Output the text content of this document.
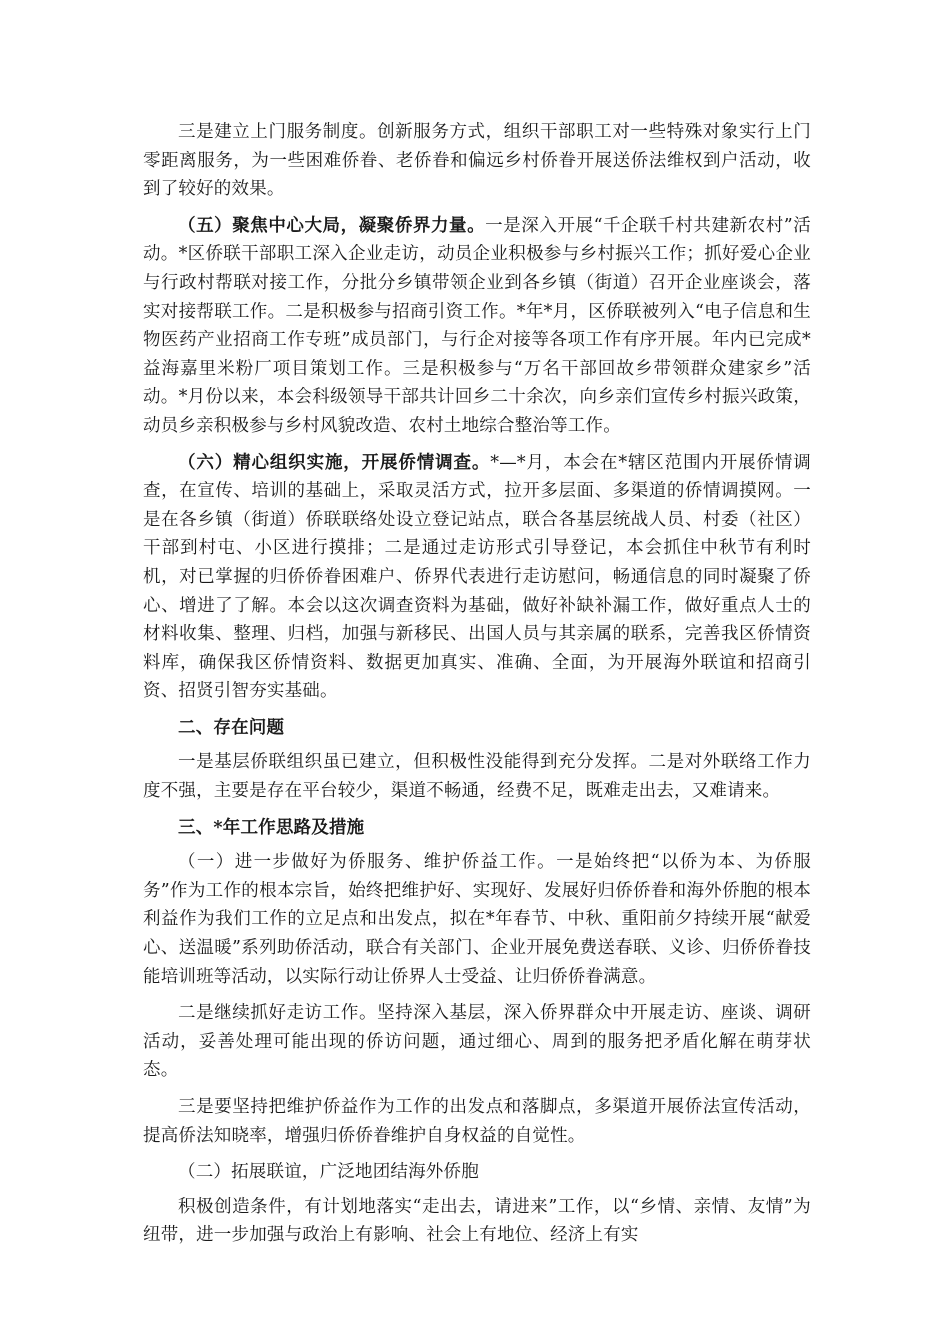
三是建立上门服务制度。创新服务方式，组织干部职工对一些特殊对象实行上门零距离服务，为一些困难侨眷、老侨眷和偏远乡村侨眷开展送侨法维权到户活动，收到了较好的效果。

（五）聚焦中心大局，凝聚侨界力量。一是深入开展“千企联千村共建新农村”活动。*区侨联干部职工深入企业走访，动员企业积极参与乡村振兴工作；抓好爱心企业与行政村帮联对接工作，分批分乡镇带领企业到各乡镇（街道）召开企业座谈会，落实对接帮联工作。二是积极参与招商引资工作。*年*月，区侨联被列入“电子信息和生物医药产业招商工作专班”成员部门，与行企对接等各项工作有序开展。年内已完成*益海嘉里米粉厂项目策划工作。三是积极参与“万名干部回故乡带领群众建家乡”活动。*月份以来，本会科级领导干部共计回乡二十余次，向乡亲们宣传乡村振兴政策，动员乡亲积极参与乡村风貌改造、农村土地综合整治等工作。

（六）精心组织实施，开展侨情调查。*—*月，本会在*辖区范围内开展侨情调查，在宣传、培训的基础上，采取灵活方式，拉开多层面、多渠道的侨情调摸网。一是在各乡镇（街道）侨联联络处设立登记站点，联合各基层统战人员、村委（社区）干部到村屯、小区进行摸排；二是通过走访形式引导登记，本会抓住中秋节有利时机，对已掌握的归侨侨眷困难户、侨界代表进行走访慰问，畅通信息的同时凝聚了侨心、增进了了解。本会以这次调查资料为基础，做好补缺补漏工作，做好重点人士的材料收集、整理、归档，加强与新移民、出国人员与其亲属的联系，完善我区侨情资料库，确保我区侨情资料、数据更加真实、准确、全面，为开展海外联谊和招商引资、招贤引智夯实基础。

二、存在问题

一是基层侨联组织虽已建立，但积极性没能得到充分发挥。二是对外联络工作力度不强，主要是存在平台较少，渠道不畅通，经费不足，既难走出去，又难请来。

三、*年工作思路及措施

（一）进一步做好为侨服务、维护侨益工作。一是始终把“以侨为本、为侨服务”作为工作的根本宗旨，始终把维护好、实现好、发展好归侨侨眷和海外侨胞的根本利益作为我们工作的立足点和出发点，拟在*年春节、中秋、重阳前夕持续开展“献爱心、送温暖”系列助侨活动，联合有关部门、企业开展免费送春联、义诊、归侨侨眷技能培训班等活动，以实际行动让侨界人士受益、让归侨侨眷满意。

二是继续抓好走访工作。坚持深入基层，深入侨界群众中开展走访、座谈、调研活动，妥善处理可能出现的侨访问题，通过细心、周到的服务把矛盾化解在萌芽状态。

三是要坚持把维护侨益作为工作的出发点和落脚点，多渠道开展侨法宣传活动，提高侨法知晓率，增强归侨侨眷维护自身权益的自觉性。

（二）拓展联谊，广泛地团结海外侨胞

积极创造条件，有计划地落实“走出去，请进来”工作，以“乡情、亲情、友情”为纽带，进一步加强与政治上有影响、社会上有地位、经济上有实
